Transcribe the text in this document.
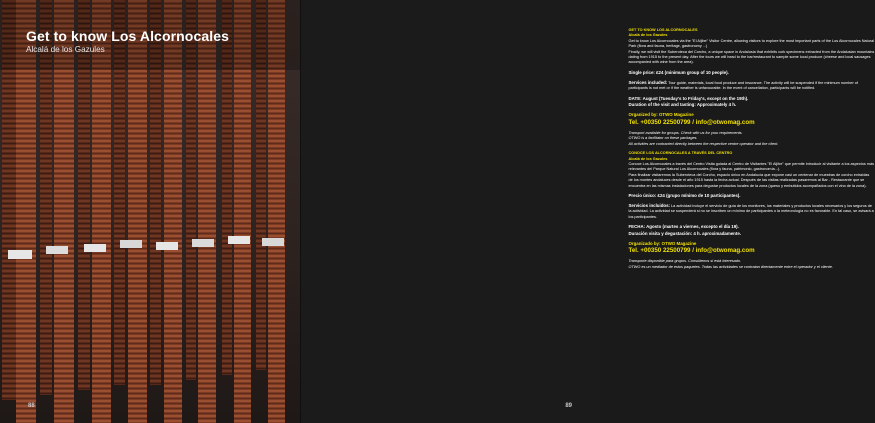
Get to know Los Alcornocales
Alcalá de los Gazules
88

GET TO KNOW LOS ALCORNOCALES
Alcalá de los Gazules
Get to know Los Alcornocales via the "El Aljibe" Visitor Centre, allowing visitors to explore the most important parts of the Los Alcornocales Natural Park (flora and fauna, heritage, gastronomy ...)
Finally, we will visit the Suberoteca del Corcho, a unique space in Andalusia that exhibits cork specimens extracted from the Andalusian mountains dating from 1915 to the present day. After the tours we will head to the bar/restaurant to sample some local produce (cheese and local sausages accompanied with wine from the area).

Single price: £24 (minimum group of 10 people).

Services included: Tour guide, materials, local food produce and insurance. The activity will be suspended if the minimum number of participants is not met or if the weather is unfavourable. In the event of cancellation, participants will be notified.

DATE: August (Tuesday's to Friday's, except on the 19th).
Duration of the visit and tasting: Approximately 4 h.

Organized by: OTWO Magazine
Tel. +00350 22500799 / info@otwomag.com

Transport available for groups. Check with us for your requirements.
OTWO is a facilitator on these packages.
All activities are contracted directly between the respective centre operator and the client.

CONOCE LOS ALCORNOCALES A TRAVÉS DEL CENTRO
Alcalá de los Gazules
Conoce Los Alcornocales a través del Centro Visita guiada al Centro de Visitantes "El Aljibe" que permite introducir al visitante a los aspectos más relevantes del Parque Natural Los Alcornocales (flora y fauna, patrimonio, gastronomía...).
Para finalizar visitaremos la Suberoteca del Corcho, espacio único en Andalucía que expone casi un centenar de muestras de corcho extraídas de los montes andaluces desde el año 1915 hasta la fecha actual. Después de las visitas realizadas pasaremos al Bar - Restaurante que se encuentra en las mismas instalaciones para degustar productos locales de la zona (queso y embutidos acompañados con el vino de la zona).

Precio único: £24 (grupo mínimo de 10 participantes).

Servicios incluidos: La actividad incluye el servicio de guía de los monitores, los materiales y productos locales necesarios y los seguros de la actividad. La actividad se suspenderá si no se inscriben un mínimo de participantes o la meteorología no es favorable. En tal caso, se avisará a los participantes.

FECHA: Agosto (martes a viernes, excepto el día 19).
Duración visita y degustación: 4 h. aproximadamente.

Organizado by: OTWO Magazine
Tel. +00350 22500799 / info@otwomag.com

Transporte disponible para grupos. Consúltenos si está interesado.
OTWO es un mediador de estos paquetes. Todas las actividades se contratan directamente entre el operador y el cliente.

89
